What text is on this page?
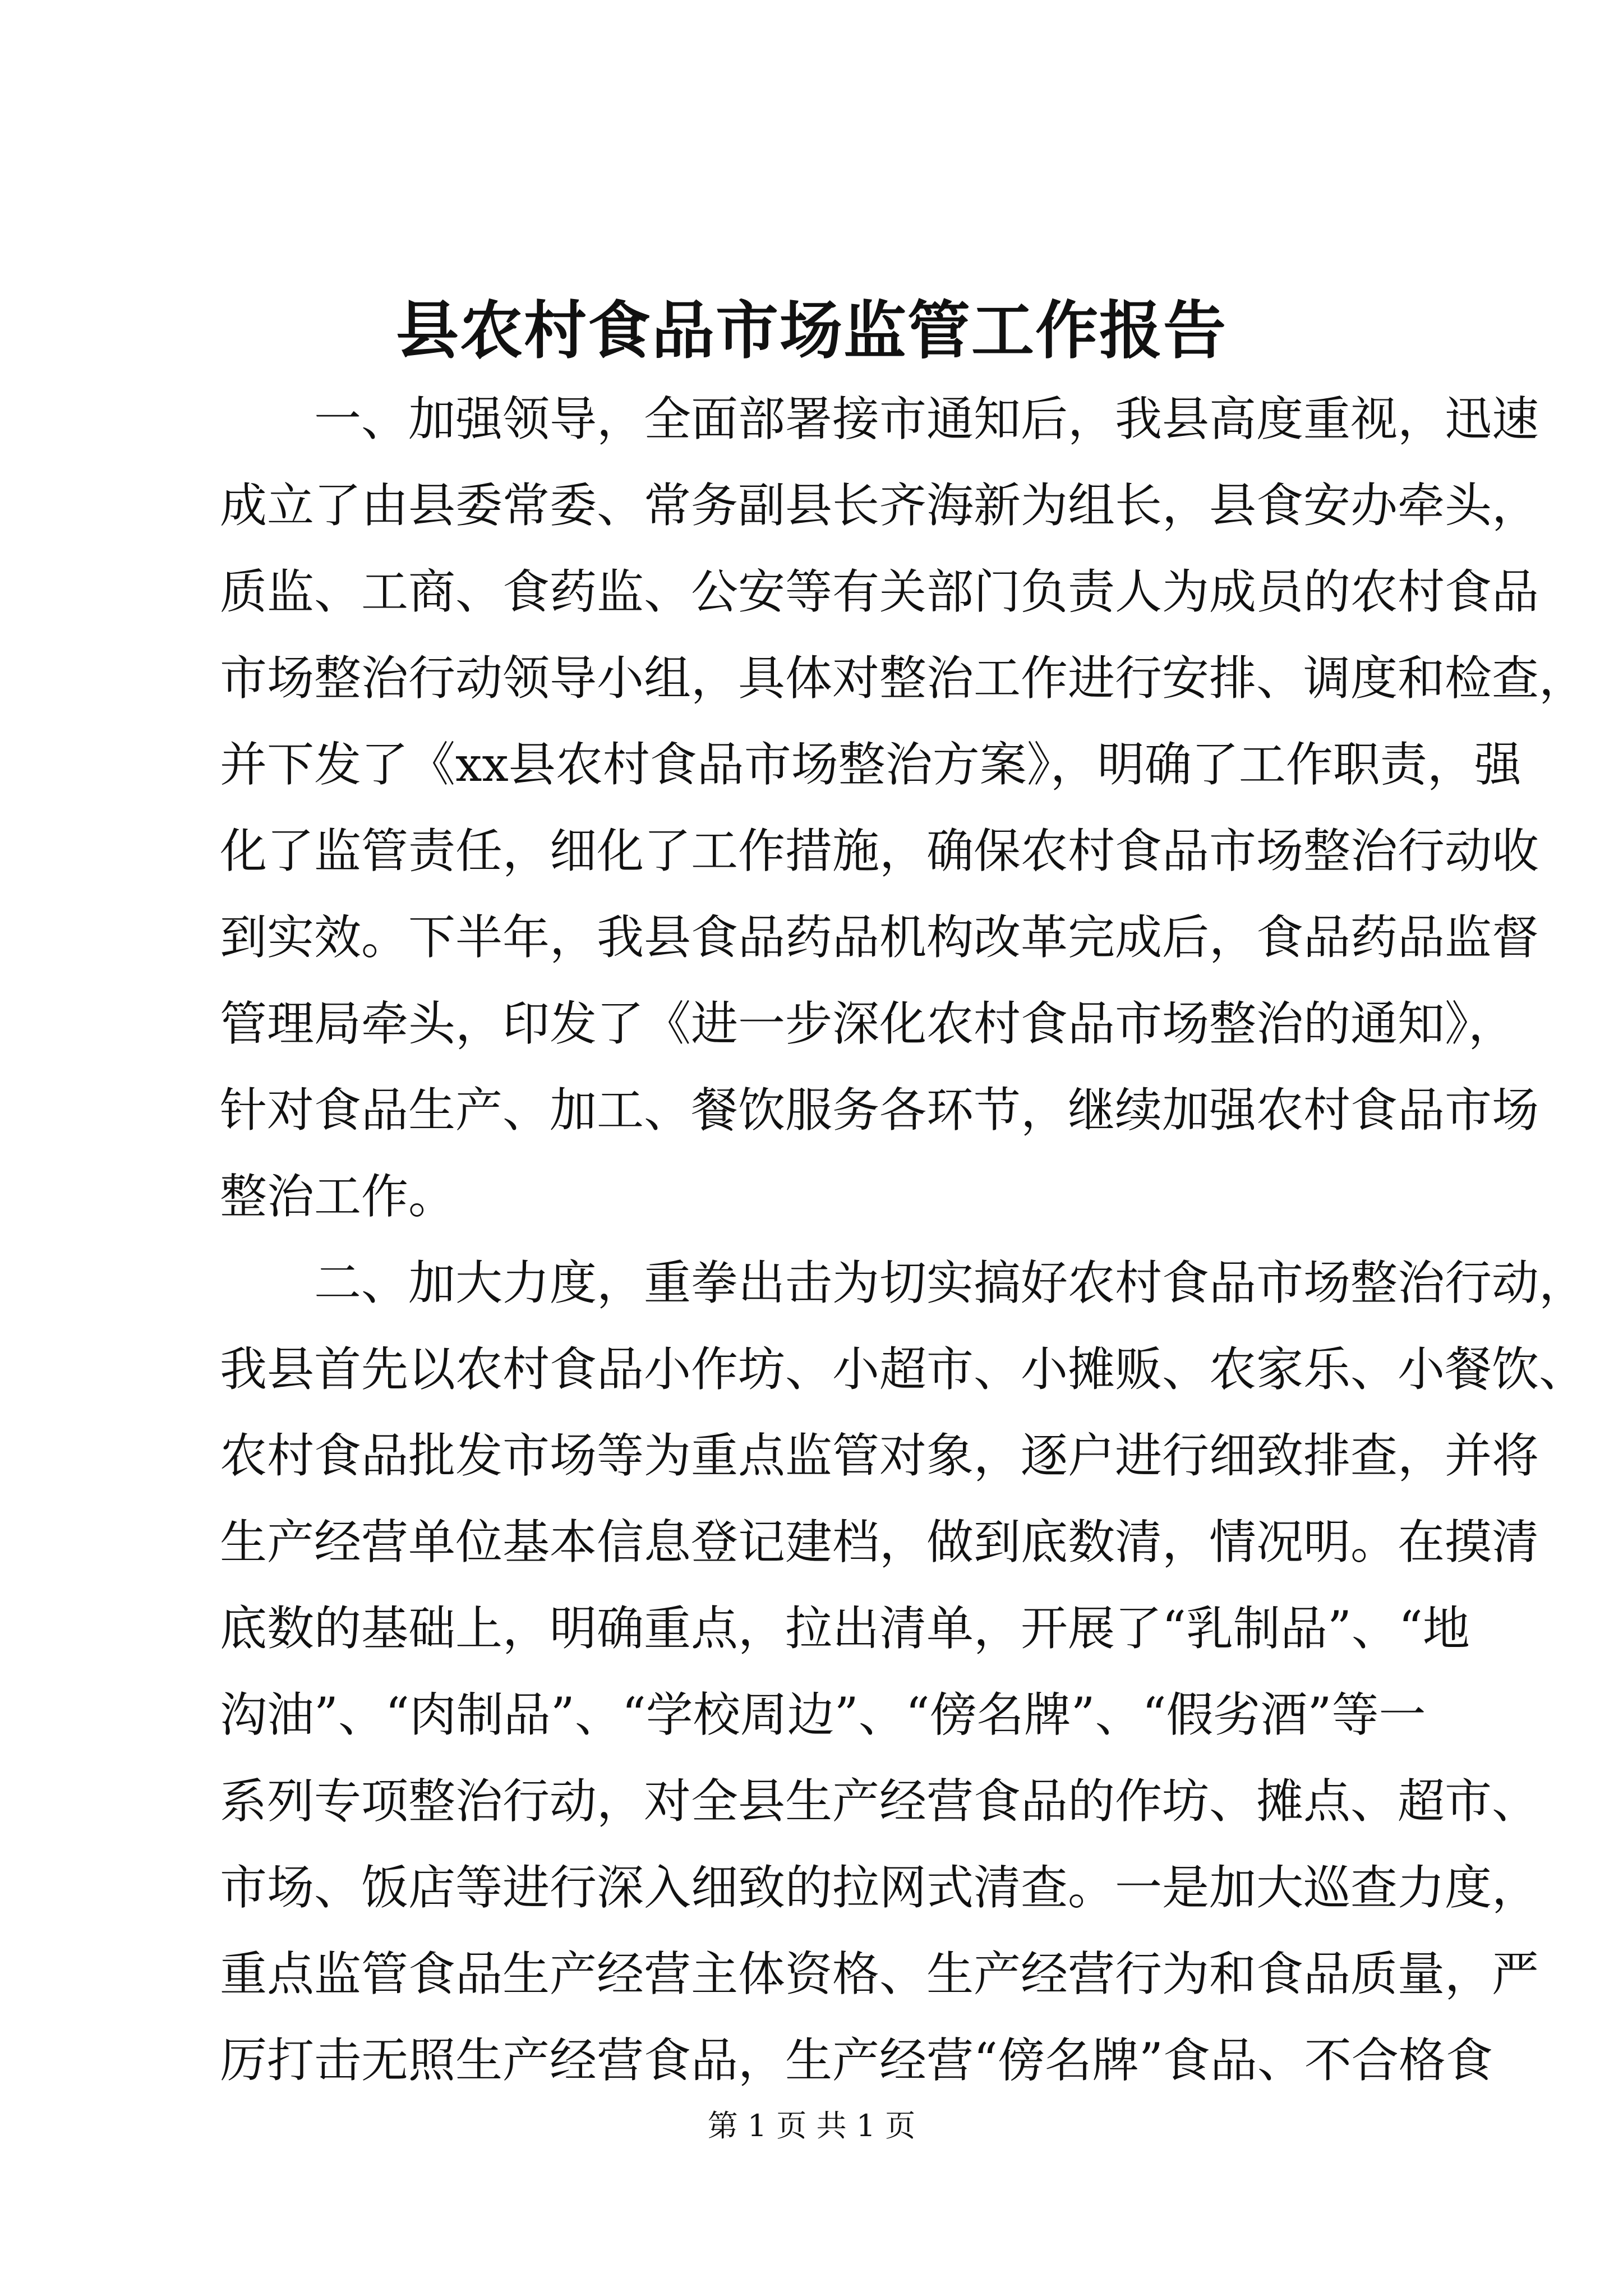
县农村食品市场监管工作报告
一、加强领导，全面部署接市通知后，我县高度重视，迅速
成立了由县委常委、常务副县长齐海新为组长，县食安办牵头，
质监、工商、食药监、公安等有关部门负责人为成员的农村食品
市场整治行动领导小组，具体对整治工作进行安排、调度和检查，
并下发了《xx县农村食品市场整治方案》，明确了工作职责，强
化了监管责任，细化了工作措施，确保农村食品市场整治行动收
到实效。下半年，我县食品药品机构改革完成后，食品药品监督
管理局牵头，印发了《进一步深化农村食品市场整治的通知》，
针对食品生产、加工、餐饮服务各环节，继续加强农村食品市场
整治工作。
二、加大力度，重拳出击为切实搞好农村食品市场整治行动，
我县首先以农村食品小作坊、小超市、小摊贩、农家乐、小餐饮、
农村食品批发市场等为重点监管对象，逐户进行细致排查，并将
生产经营单位基本信息登记建档，做到底数清，情况明。在摸清
底数的基础上，明确重点，拉出清单，开展了“乳制品”、“地
沟油”、“肉制品”、“学校周边”、“傍名牌”、“假劣酒”等一
系列专项整治行动，对全县生产经营食品的作坊、摊点、超市、
市场、饭店等进行深入细致的拉网式清查。一是加大巡查力度，
重点监管食品生产经营主体资格、生产经营行为和食品质量，严
厉打击无照生产经营食品，生产经营“傍名牌”食品、不合格食
第 1 页 共 1 页
